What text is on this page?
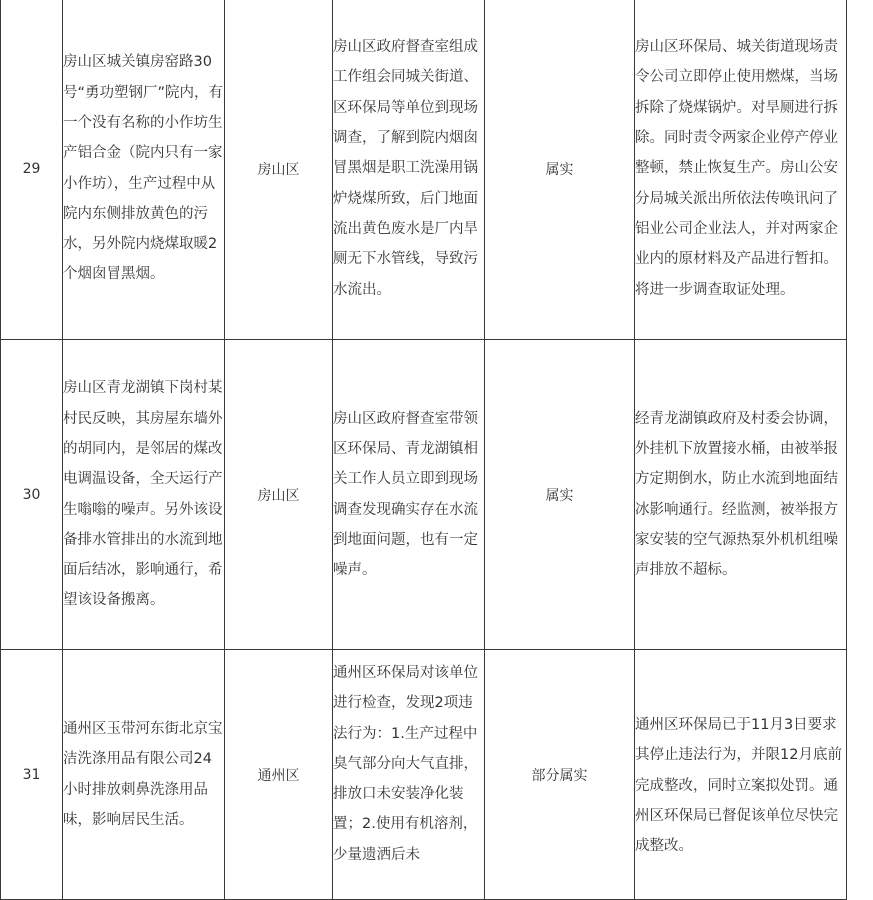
29	房山区城关镇房窑路30号“勇功塑钢厂”院内，有一个没有名称的小作坊生产铝合金（院内只有一家小作坊），生产过程中从院内东侧排放黄色的污水，另外院内烧煤取暖2个烟囱冒黑烟。	房山区	房山区政府督查室组成工作组会同城关街道、区环保局等单位到现场调查，了解到院内烟囱冒黑烟是职工洗澡用锅炉烧煤所致，后门地面流出黄色废水是厂内旱厕无下水管线，导致污水流出。	属实	房山区环保局、城关街道现场责令公司立即停止使用燃煤，当场拆除了烧煤锅炉。对旱厕进行拆除。同时责令两家企业停产停业整顿，禁止恢复生产。房山公安分局城关派出所依法传唤讯问了铝业公司企业法人，并对两家企业内的原材料及产品进行暂扣。将进一步调查取证处理。

30	房山区青龙湖镇下岗村某村民反映，其房屋东墙外的胡同内，是邻居的煤改电调温设备，全天运行产生嗡嗡的噪声。另外该设备排水管排出的水流到地面后结冰，影响通行，希望该设备搬离。	房山区	房山区政府督查室带领区环保局、青龙湖镇相关工作人员立即到现场调查发现确实存在水流到地面问题，也有一定噪声。	属实	经青龙湖镇政府及村委会协调，外挂机下放置接水桶，由被举报方定期倒水，防止水流到地面结冰影响通行。经监测，被举报方家安装的空气源热泵外机机组噪声排放不超标。

31	通州区玉带河东街北京宝洁洗涤用品有限公司24小时排放刺鼻洗涤用品味，影响居民生活。	通州区	通州区环保局对该单位进行检查，发现2项违法行为：1.生产过程中臭气部分向大气直排，排放口未安装净化装置；2.使用有机溶剂，少量遗洒后未	部分属实	通州区环保局已于11月3日要求其停止违法行为，并限12月底前完成整改，同时立案拟处罚。通州区环保局已督促该单位尽快完成整改。
